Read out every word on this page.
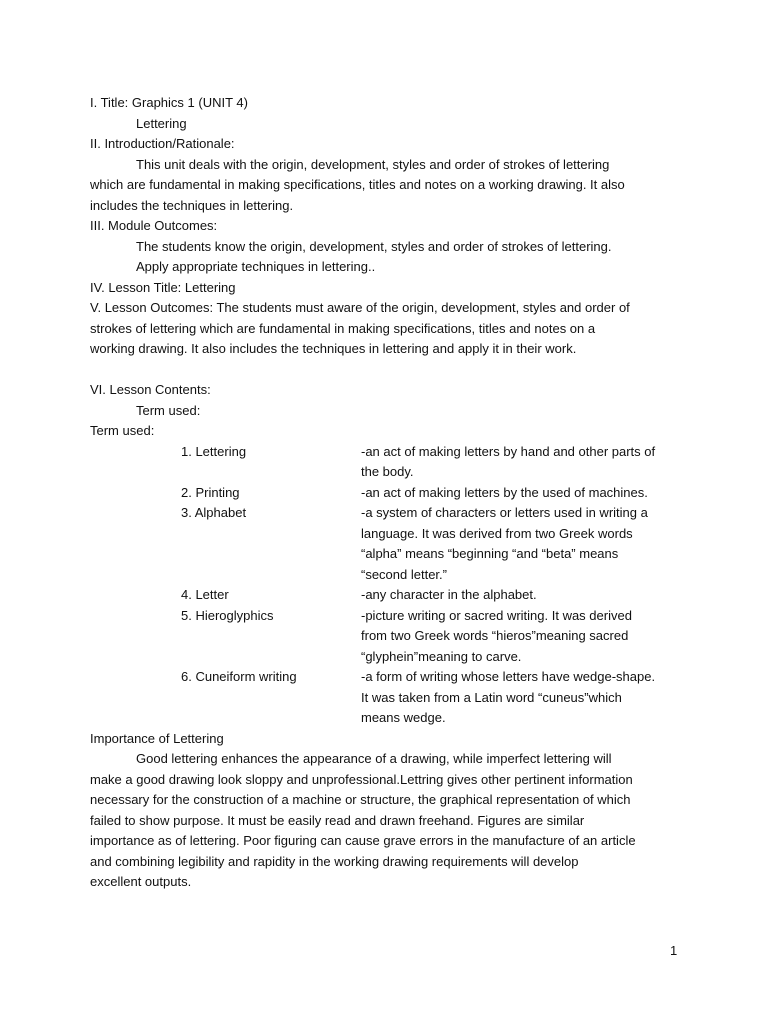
I. Title: Graphics 1 (UNIT 4)
Lettering
II. Introduction/Rationale:
This unit deals with the origin, development, styles and order of strokes of lettering
which are fundamental in making specifications, titles and notes on a working drawing. It also
includes the techniques in lettering.
III. Module Outcomes:
The students know the origin, development, styles and order of strokes of lettering.
Apply appropriate techniques in lettering..
IV. Lesson Title: Lettering
V. Lesson Outcomes: The students must aware of the origin, development, styles and order of
strokes of lettering which are fundamental in making specifications, titles and notes on a
working drawing. It also includes the techniques in lettering and apply it in their work.
VI. Lesson Contents:
Term used:
Term used:
1. Lettering	-an act of making letters by hand and other parts of
the body.
2. Printing	-an act of making letters by the used of machines.
3. Alphabet	-a system of characters or letters used in writing a
language. It was derived from two Greek words
“alpha” means “beginning “and “beta” means
“second letter.”
4. Letter	-any character in the alphabet.
5. Hieroglyphics	-picture writing or sacred writing. It was derived
from two Greek words “hieros”meaning sacred
“glyphein”meaning to carve.
6. Cuneiform writing	-a form of writing whose letters have wedge-shape.
It was taken from a Latin word “cuneus”which
means wedge.
Importance of Lettering
Good lettering enhances the appearance of a drawing, while imperfect lettering will
make a good drawing look sloppy and unprofessional.Lettring gives other pertinent information
necessary for the construction of a machine or structure, the graphical representation of which
failed to show purpose. It must be easily read and drawn freehand. Figures are similar
importance as of lettering. Poor figuring can cause grave errors in the manufacture of an article
and combining legibility and rapidity in the working drawing requirements will develop
excellent outputs.
1
